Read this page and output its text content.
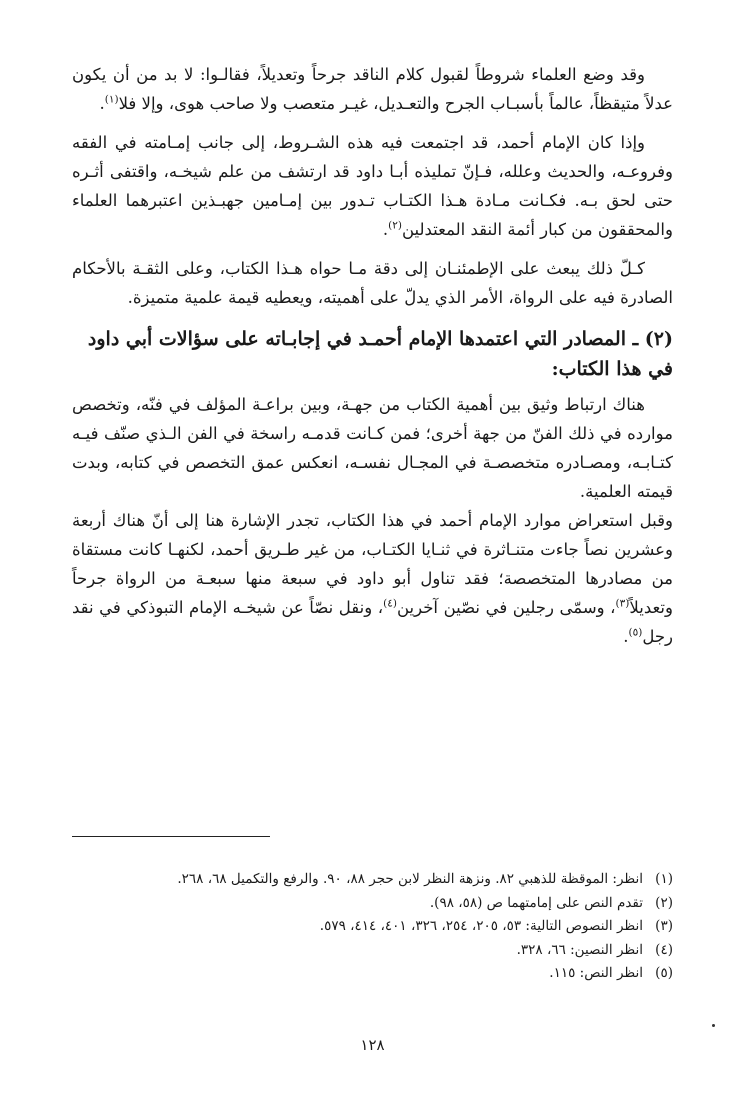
وقد وضع العلماء شروطاً لقبول كلام الناقد جرحاً وتعديلاً، فقالـوا: لا بد من أن يكون عدلاً متيقظاً، عالماً بأسبـاب الجرح والتعـديل، غيـر متعصب ولا صاحب هوى، وإلا فلا$^{(١)}$.

وإذا كان الإمام أحمد، قد اجتمعت فيه هذه الشـروط، إلى جانب إمـامته في الفقه وفروعـه، والحديث وعلله، فـإنّ تمليذه أبـا داود قد ارتشف من علم شيخـه، واقتفى أثـره حتى لحق بـه. فكـانت مـادة هـذا الكتـاب تـدور بين إمـامين جهبـذين اعتبرهما العلماء والمحققون من كبار أئمة النقد المعتدلين$^{(٢)}$.

كـلّ ذلك يبعث على الإطمئنـان إلى دقة مـا حواه هـذا الكتاب، وعلى الثقـة بالأحكام الصادرة فيه على الرواة، الأمر الذي يدلّ على أهميته، ويعطيه قيمة علمية متميزة.

(٢) ـ المصادر التي اعتمدها الإمام أحمـد في إجابـاته على سؤالات أبي داود في هذا الكتاب:

هناك ارتباط وثيق بين أهمية الكتاب من جهـة، وبين براعـة المؤلف في فنّه، وتخصص موارده في ذلك الفنّ من جهة أخرى؛ فمن كـانت قدمـه راسخة في الفن الـذي صنّف فيـه كتـابـه، ومصـادره متخصصـة في المجـال نفسـه، انعكس عمق التخصص في كتابه، وبدت قيمته العلمية.

وقبل استعراض موارد الإمام أحمد في هذا الكتاب، تجدر الإشارة هنا إلى أنّ هناك أربعة وعشرين نصاً جاءت متنـاثرة في ثنـايا الكتـاب، من غير طـريق أحمد، لكنهـا كانت مستقاة من مصادرها المتخصصة؛ فقد تناول أبو داود في سبعة منها سبعـة من الرواة جرحاً وتعديلاً$^{(٣)}$، وسمّى رجلين في نصّين آخرين$^{(٤)}$، ونقل نصّاً عن شيخـه الإمام التبوذكي في نقد رجل$^{(٥)}$.

(١)
انظر: الموقظة للذهبي ٨٢. ونزهة النظر لابن حجر ٨٨، ٩٠. والرفع والتكميل ٦٨، ٢٦٨.
(٢)
تقدم النص على إمامتهما ص (٥٨، ٩٨).
(٣)
انظر النصوص التالية: ٥٣، ٢٠٥، ٢٥٤، ٣٢٦، ٤٠١، ٤١٤، ٥٧٩.
(٤)
انظر النصين: ٦٦، ٣٢٨.
(٥)
انظر النص: ١١٥.
١٢٨
